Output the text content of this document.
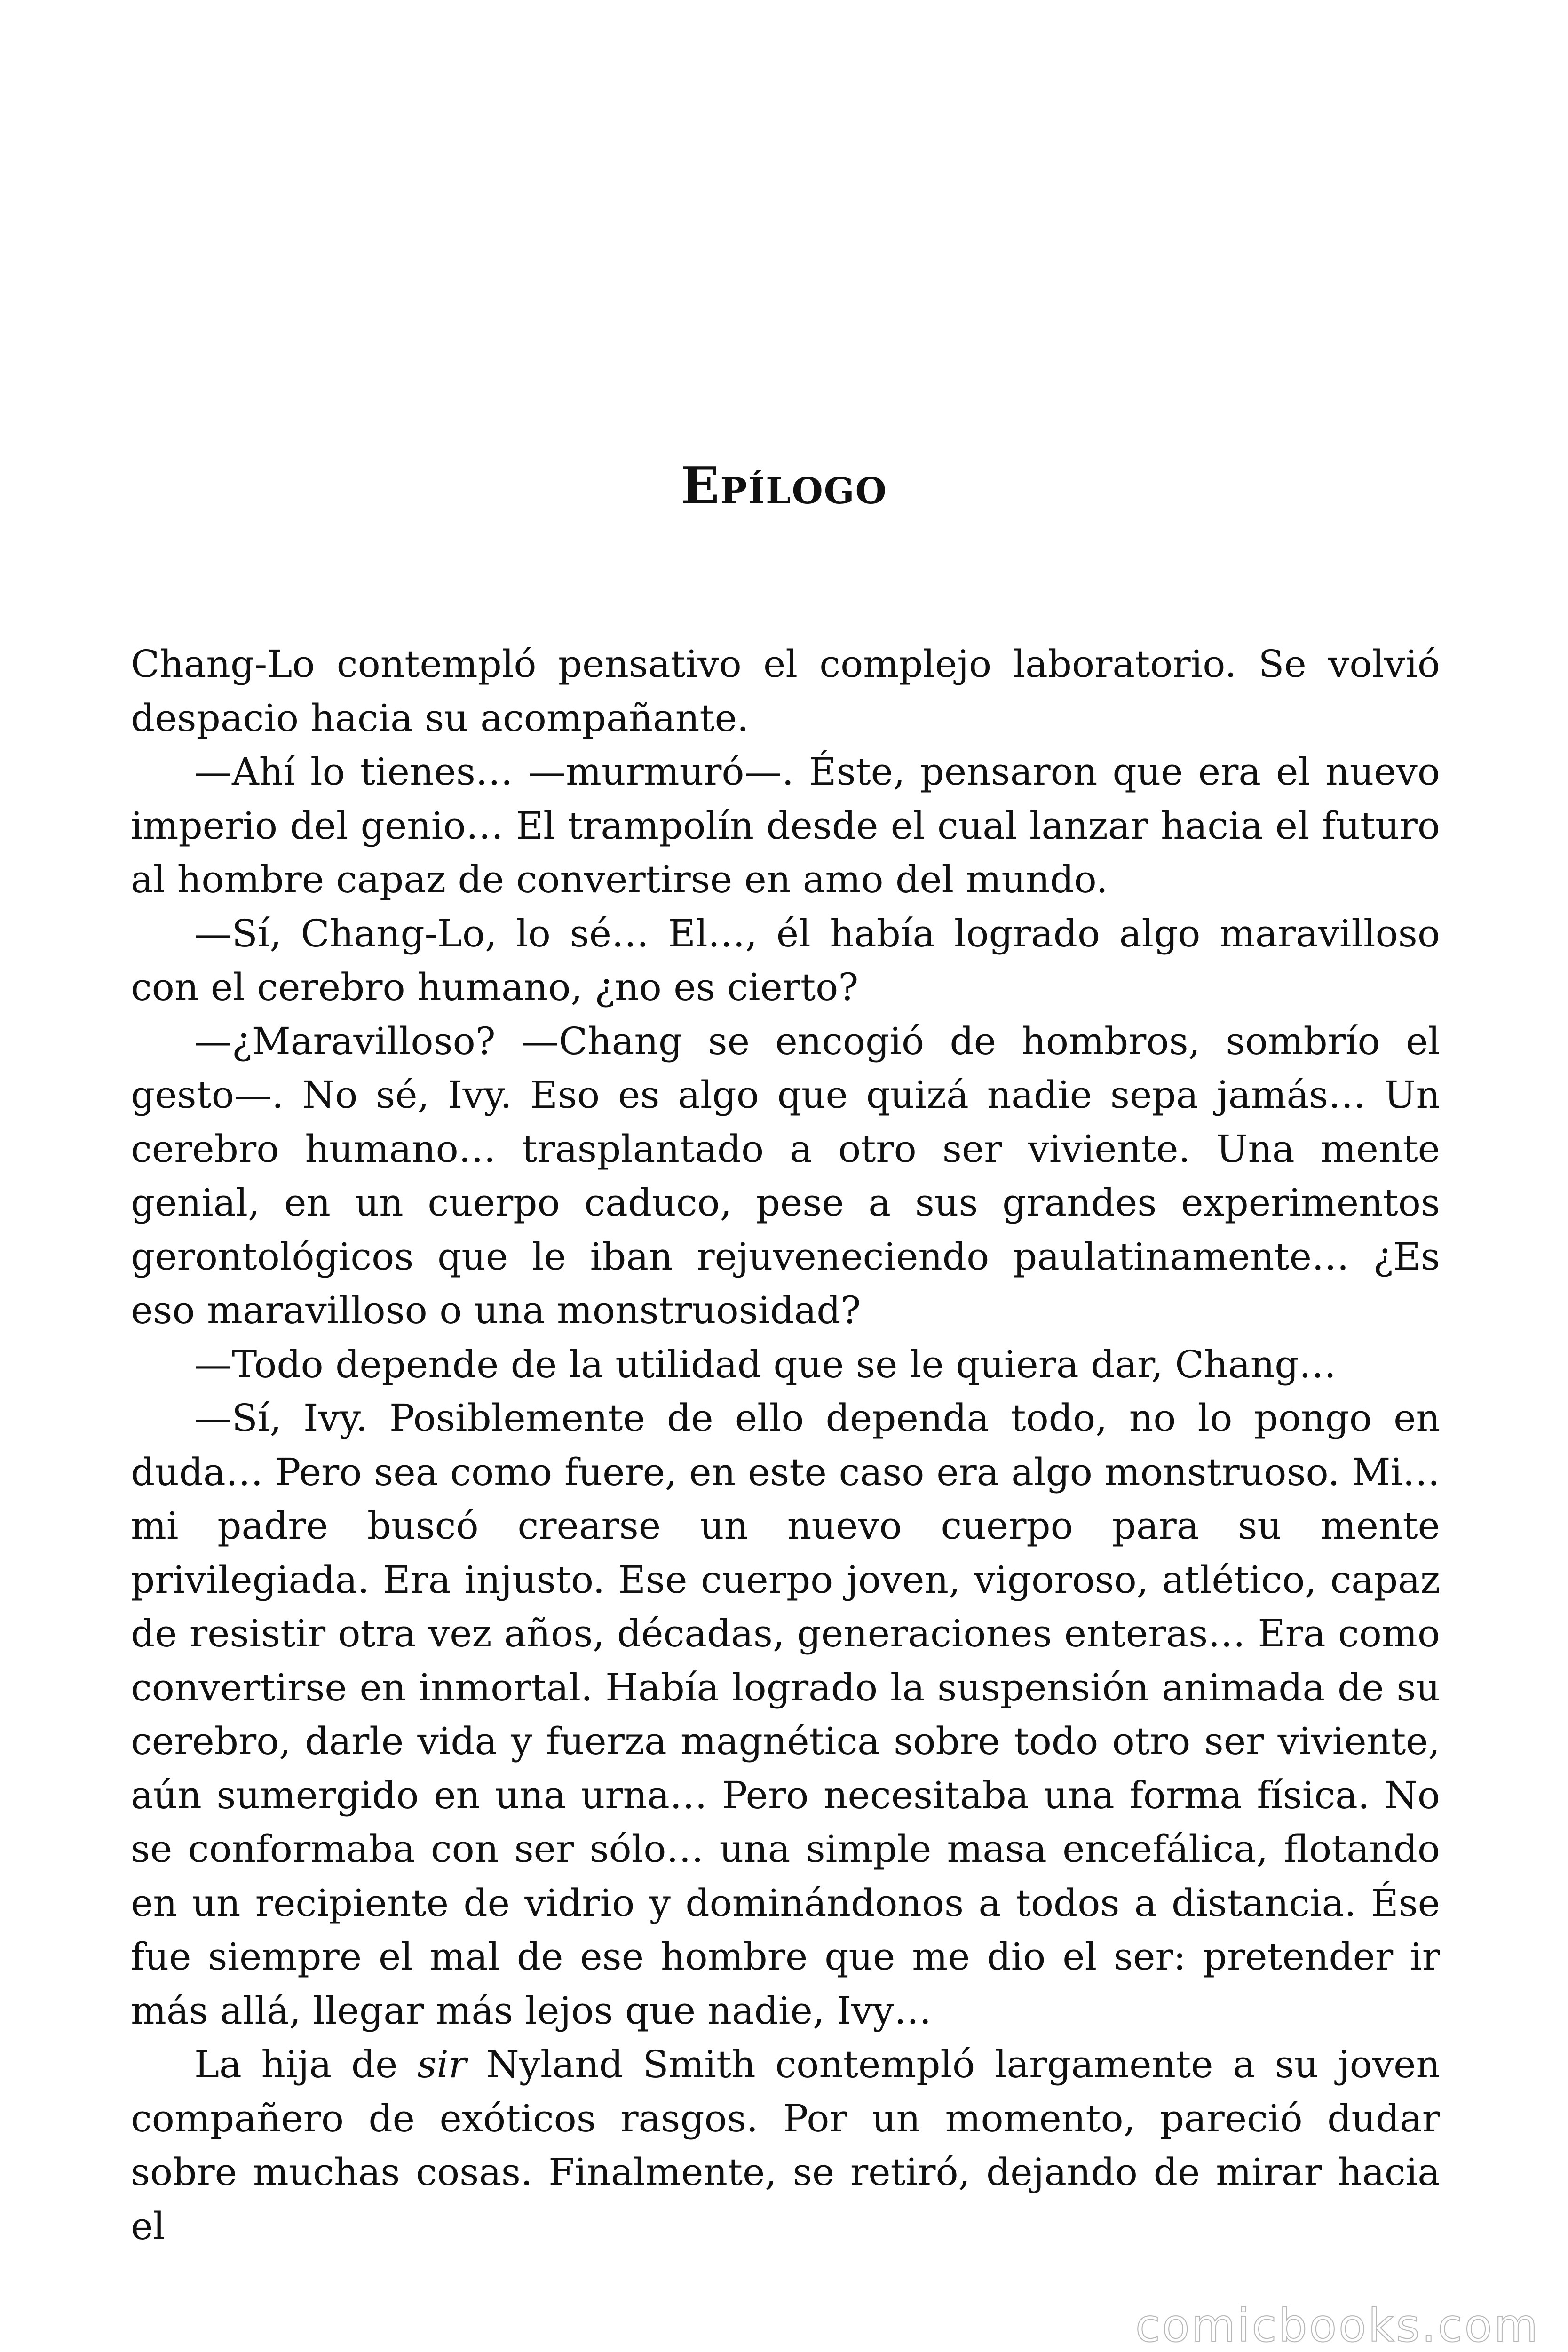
Epílogo

Chang-Lo contempló pensativo el complejo laboratorio. Se volvió despacio hacia su acompañante.

—Ahí lo tienes… —murmuró—. Éste, pensaron que era el nuevo imperio del genio… El trampolín desde el cual lanzar hacia el futuro al hombre capaz de convertirse en amo del mundo.

—Sí, Chang-Lo, lo sé… El…, él había logrado algo maravilloso con el cerebro humano, ¿no es cierto?

—¿Maravilloso? —Chang se encogió de hombros, sombrío el gesto—. No sé, Ivy. Eso es algo que quizá nadie sepa jamás… Un cerebro humano… trasplantado a otro ser viviente. Una mente genial, en un cuerpo caduco, pese a sus grandes experimentos gerontológicos que le iban rejuveneciendo paulatinamente… ¿Es eso maravilloso o una monstruosidad?

—Todo depende de la utilidad que se le quiera dar, Chang…

—Sí, Ivy. Posiblemente de ello dependa todo, no lo pongo en duda… Pero sea como fuere, en este caso era algo monstruoso. Mi… mi padre buscó crearse un nuevo cuerpo para su mente privilegiada. Era injusto. Ese cuerpo joven, vigoroso, atlético, capaz de resistir otra vez años, décadas, generaciones enteras… Era como convertirse en inmortal. Había logrado la suspensión animada de su cerebro, darle vida y fuerza magnética sobre todo otro ser viviente, aún sumergido en una urna… Pero necesitaba una forma física. No se conformaba con ser sólo… una simple masa encefálica, flotando en un recipiente de vidrio y dominándonos a todos a distancia. Ése fue siempre el mal de ese hombre que me dio el ser: pretender ir más allá, llegar más lejos que nadie, Ivy…

La hija de sir Nyland Smith contempló largamente a su joven compañero de exóticos rasgos. Por un momento, pareció dudar sobre muchas cosas. Finalmente, se retiró, dejando de mirar hacia el

comicbooks.com
